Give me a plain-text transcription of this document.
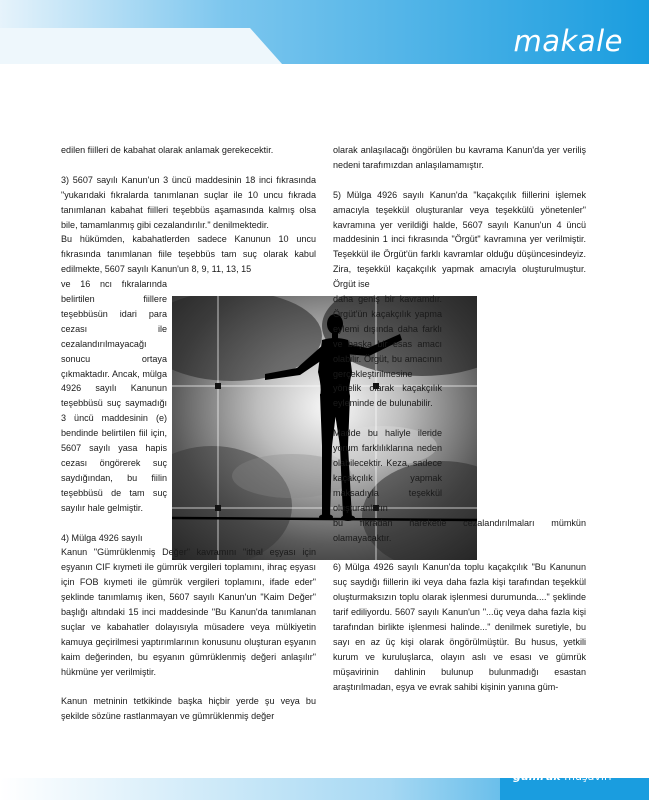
makale

edilen fiilleri de kabahat olarak anlamak gerekecektir.

3) 5607 sayılı Kanun'un 3 üncü maddesinin 18 inci fıkrasında "yukarıdaki fıkralarda tanımlanan suçlar ile 10 uncu fıkrada tanımlanan kabahat fiilleri teşebbüs aşamasında kalmış olsa bile, tamamlanmış gibi cezalandırılır." denilmektedir.

Bu hükümden, kabahatlerden sadece Kanunun 10 uncu fıkrasında tanımlanan fiile teşebbüs tam suç olarak kabul edilmekte, 5607 sayılı Kanun'un 8, 9, 11, 13, 15

ve 16 ncı fıkralarında belirtilen fiillere teşebbüsün idari para cezası ile cezalandırılmayacağı sonucu ortaya çıkmaktadır. Ancak, mülga 4926 sayılı Kanunun teşebbüsü suç saymadığı 3 üncü maddesinin (e) bendinde belirtilen fiil için, 5607 sayılı yasa hapis cezası öngörerek suç saydığından, bu fiilin teşebbüsü de tam suç sayılır hale gelmiştir.

4) Mülga 4926 sayılı

Kanun "Gümrüklenmiş Değer" kavramını "ithal eşyası için eşyanın CIF kıymeti ile gümrük vergileri toplamını, ihraç eşyası için FOB kıymeti ile gümrük vergileri toplamını, ifade eder" şeklinde tanımlamış iken, 5607 sayılı Kanun'un "Kaim Değer" başlığı altındaki 15 inci maddesinde "Bu Kanun'da tanımlanan suçlar ve kabahatler dolayısıyla müsadere veya mülkiyetin kamuya geçirilmesi yaptırımlarının konusunu oluşturan eşyanın kaim değerinden, bu eşyanın gümrüklenmiş değeri anlaşılır" hükmüne yer verilmiştir.

Kanun metninin tetkikinde başka hiçbir yerde şu veya bu şekilde sözüne rastlanmayan ve gümrüklenmiş değer

olarak anlaşılacağı öngörülen bu kavrama Kanun'da yer veriliş nedeni tarafımızdan anlaşılamamıştır.

5) Mülga 4926 sayılı Kanun'da "kaçakçılık fiillerini işlemek amacıyla teşekkül oluşturanlar veya teşekkülü yönetenler" kavramına yer verildiği halde, 5607 sayılı Kanun'un 4 üncü maddesinin 1 inci fıkrasında "Örgüt" kavramına yer verilmiştir. Teşekkül ile Örgüt'ün farklı kavramlar olduğu düşüncesindeyiz. Zira, teşekkül kaçakçılık yapmak amacıyla oluşturulmuştur. Örgüt ise

daha geniş bir kavramdır. Örgüt'ün kaçakçılık yapma eylemi dışında daha farklı ve başka bir esas amacı olabilir. Örgüt, bu amacının gerçekleştirilmesine yönelik olarak kaçakçılık eyleminde de bulunabilir.

Madde bu haliyle ileride yorum farklılıklarına neden olabilecektir. Keza, sadece kaçakçılık yapmak maksadıyla teşekkül oluşturanların

bu fıkradan hareketle cezalandırılmaları mümkün olamayacaktır.

6) Mülga 4926 sayılı Kanun'da toplu kaçakçılık "Bu Kanunun suç saydığı fiillerin iki veya daha fazla kişi tarafından teşekkül oluşturmaksızın toplu olarak işlenmesi durumunda...." şeklinde tarif ediliyordu. 5607 sayılı Kanun'un "...üç veya daha fazla kişi tarafından birlikte işlenmesi halinde..." denilmek suretiyle, bu sayı en az üç kişi olarak öngörülmüştür. Bu husus, yetkili kurum ve kuruluşlarca, olayın aslı ve esası ve gümrük müşavirinin dahlinin bulunup bulunmadığı esastan araştırılmadan, eşya ve evrak sahibi kişinin yanına güm-

gümrük müşaviri
19
